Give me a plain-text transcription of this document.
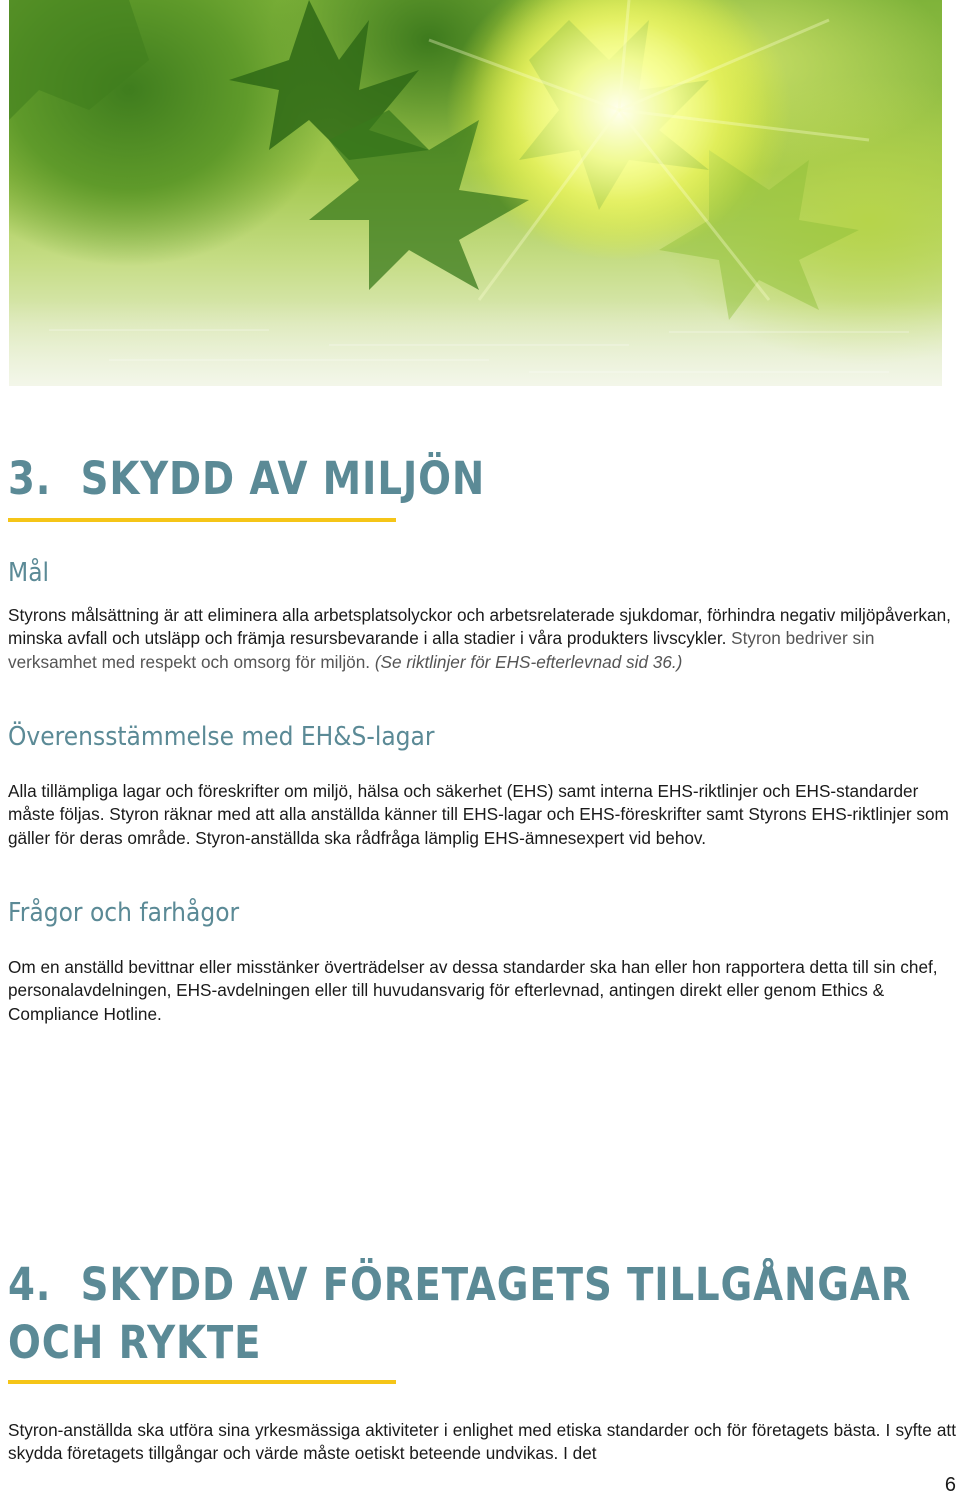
3. SKYDD AV MILJÖN
Mål

Styrons målsättning är att eliminera alla arbetsplatsolyckor och arbetsrelaterade sjukdomar, förhindra negativ miljöpåverkan, minska avfall och utsläpp och främja resursbevarande i alla stadier i våra produkters livscykler. Styron bedriver sin verksamhet med respekt och omsorg för miljön. (Se riktlinjer för EHS-efterlevnad sid 36.)

Överensstämmelse med EH&S-lagar

Alla tillämpliga lagar och föreskrifter om miljö, hälsa och säkerhet (EHS) samt interna EHS-riktlinjer och EHS-standarder måste följas. Styron räknar med att alla anställda känner till EHS-lagar och EHS-föreskrifter samt Styrons EHS-riktlinjer som gäller för deras område. Styron-anställda ska rådfråga lämplig EHS-ämnesexpert vid behov.

Frågor och farhågor

Om en anställd bevittnar eller misstänker överträdelser av dessa standarder ska han eller hon rapportera detta till sin chef, personalavdelningen, EHS-avdelningen eller till huvudansvarig för efterlevnad, antingen direkt eller genom Ethics & Compliance Hotline.

4. SKYDD AV FÖRETAGETS TILLGÅNGAR
OCH RYKTE

Styron-anställda ska utföra sina yrkesmässiga aktiviteter i enlighet med etiska standarder och för företagets bästa. I syfte att skydda företagets tillgångar och värde måste oetiskt beteende undvikas. I det

6
